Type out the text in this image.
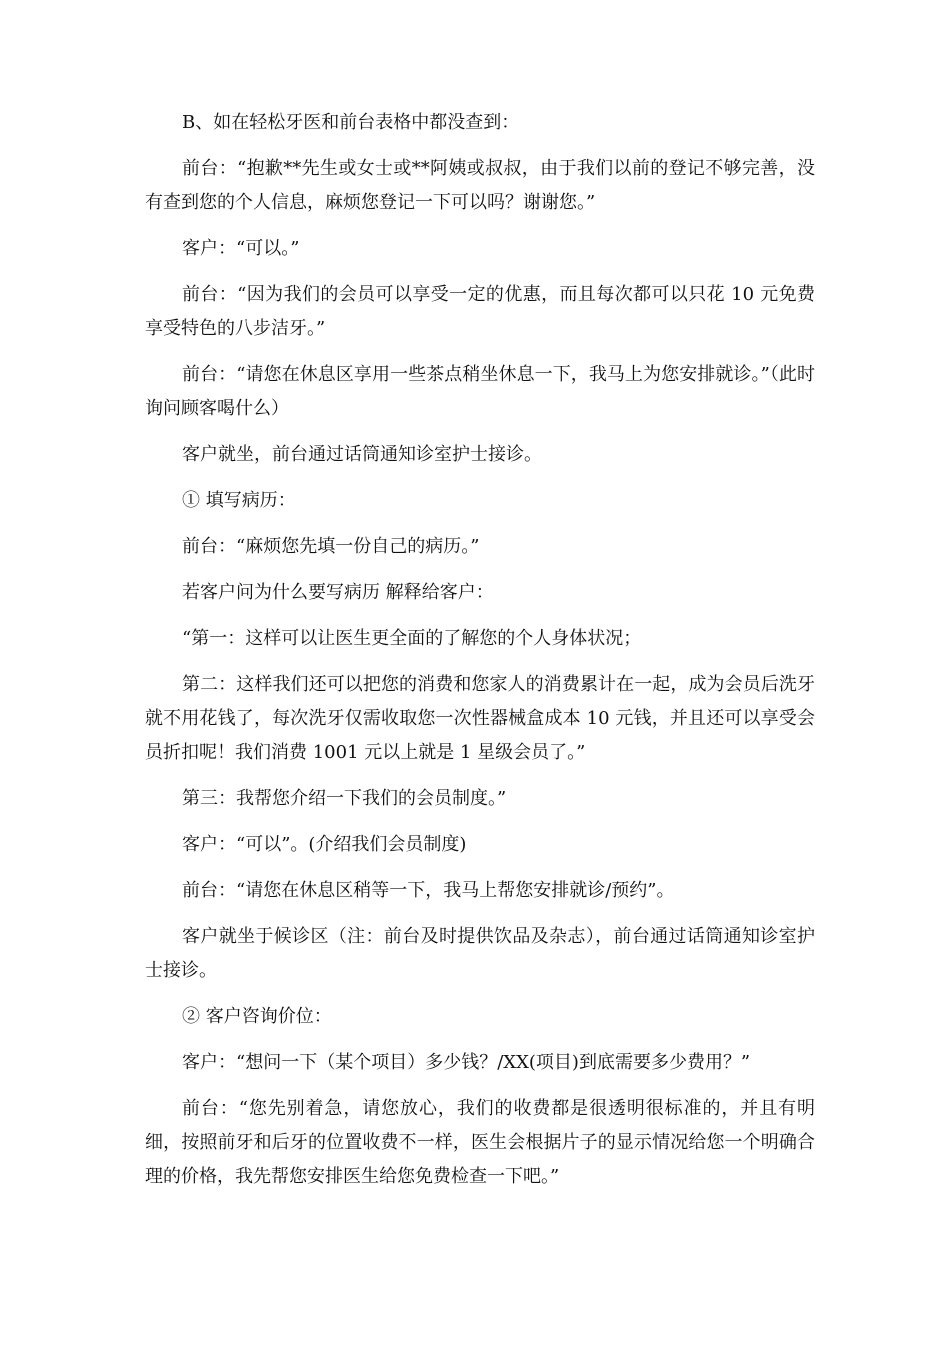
B、如在轻松牙医和前台表格中都没查到：

前台：“抱歉**先生或女士或**阿姨或叔叔，由于我们以前的登记不够完善，没有查到您的个人信息，麻烦您登记一下可以吗？谢谢您。”

客户：“可以。”

前台：“因为我们的会员可以享受一定的优惠，而且每次都可以只花 10 元免费享受特色的八步洁牙。”

前台：“请您在休息区享用一些茶点稍坐休息一下，我马上为您安排就诊。”（此时询问顾客喝什么）

客户就坐，前台通过话筒通知诊室护士接诊。

① 填写病历：

前台：“麻烦您先填一份自己的病历。”

若客户问为什么要写病历 解释给客户：

“第一：这样可以让医生更全面的了解您的个人身体状况；

第二：这样我们还可以把您的消费和您家人的消费累计在一起，成为会员后洗牙就不用花钱了，每次洗牙仅需收取您一次性器械盒成本 10 元钱，并且还可以享受会员折扣呢！我们消费 1001 元以上就是 1 星级会员了。”

第三：我帮您介绍一下我们的会员制度。”

客户：“可以”。(介绍我们会员制度)

前台：“请您在休息区稍等一下，我马上帮您安排就诊/预约”。

客户就坐于候诊区（注：前台及时提供饮品及杂志），前台通过话筒通知诊室护士接诊。

② 客户咨询价位：

客户：“想问一下（某个项目）多少钱？/XX(项目)到底需要多少费用？”

前台：“您先别着急，请您放心，我们的收费都是很透明很标准的，并且有明细，按照前牙和后牙的位置收费不一样，医生会根据片子的显示情况给您一个明确合理的价格，我先帮您安排医生给您免费检查一下吧。”
